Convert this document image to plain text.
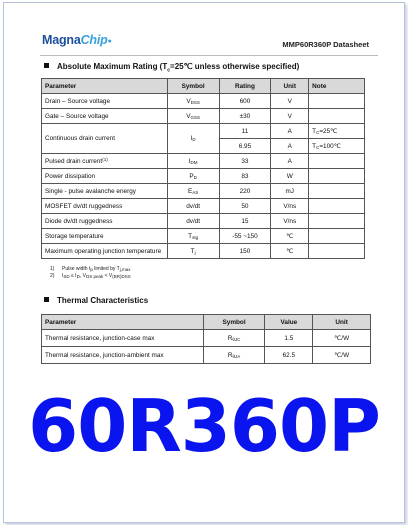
MagnaChip●	MMP60R360P Datasheet
Absolute Maximum Rating ($T_c=25℃$ unless otherwise specified)
Parameter	Symbol	Rating	Unit	Note
Drain – Source voltage	$V_{DSS}$	600	V	
Gate – Source voltage	$V_{GSS}$	±30	V	
Continuous drain current	$I_D$	11	A	$T_C=25℃$
		6.95	A	$T_C=100℃$
Pulsed drain current$^{(1)}$	$I_{DM}$	33	A	
Power dissipation	$P_D$	83	W	
Single - pulse avalanche energy	$E_{AS}$	220	mJ	
MOSFET dv/dt ruggedness	dv/dt	50	V/ns	
Diode dv/dt ruggedness	dv/dt	15	V/ns	
Storage temperature	$T_{stg}$	-55 ~150	℃	
Maximum operating junction temperature	$T_j$	150	℃	
1) Pulse width tp limited by Tj,max
2) ISD ≤ ID, VDS peak < V(BR)DSS
Thermal Characteristics
Parameter	Symbol	Value	Unit
Thermal resistance, junction-case max	$R_{\theta JC}$	1.5	℃/W
Thermal resistance, junction-ambient max	$R_{\theta JA}$	62.5	℃/W
60R360P
